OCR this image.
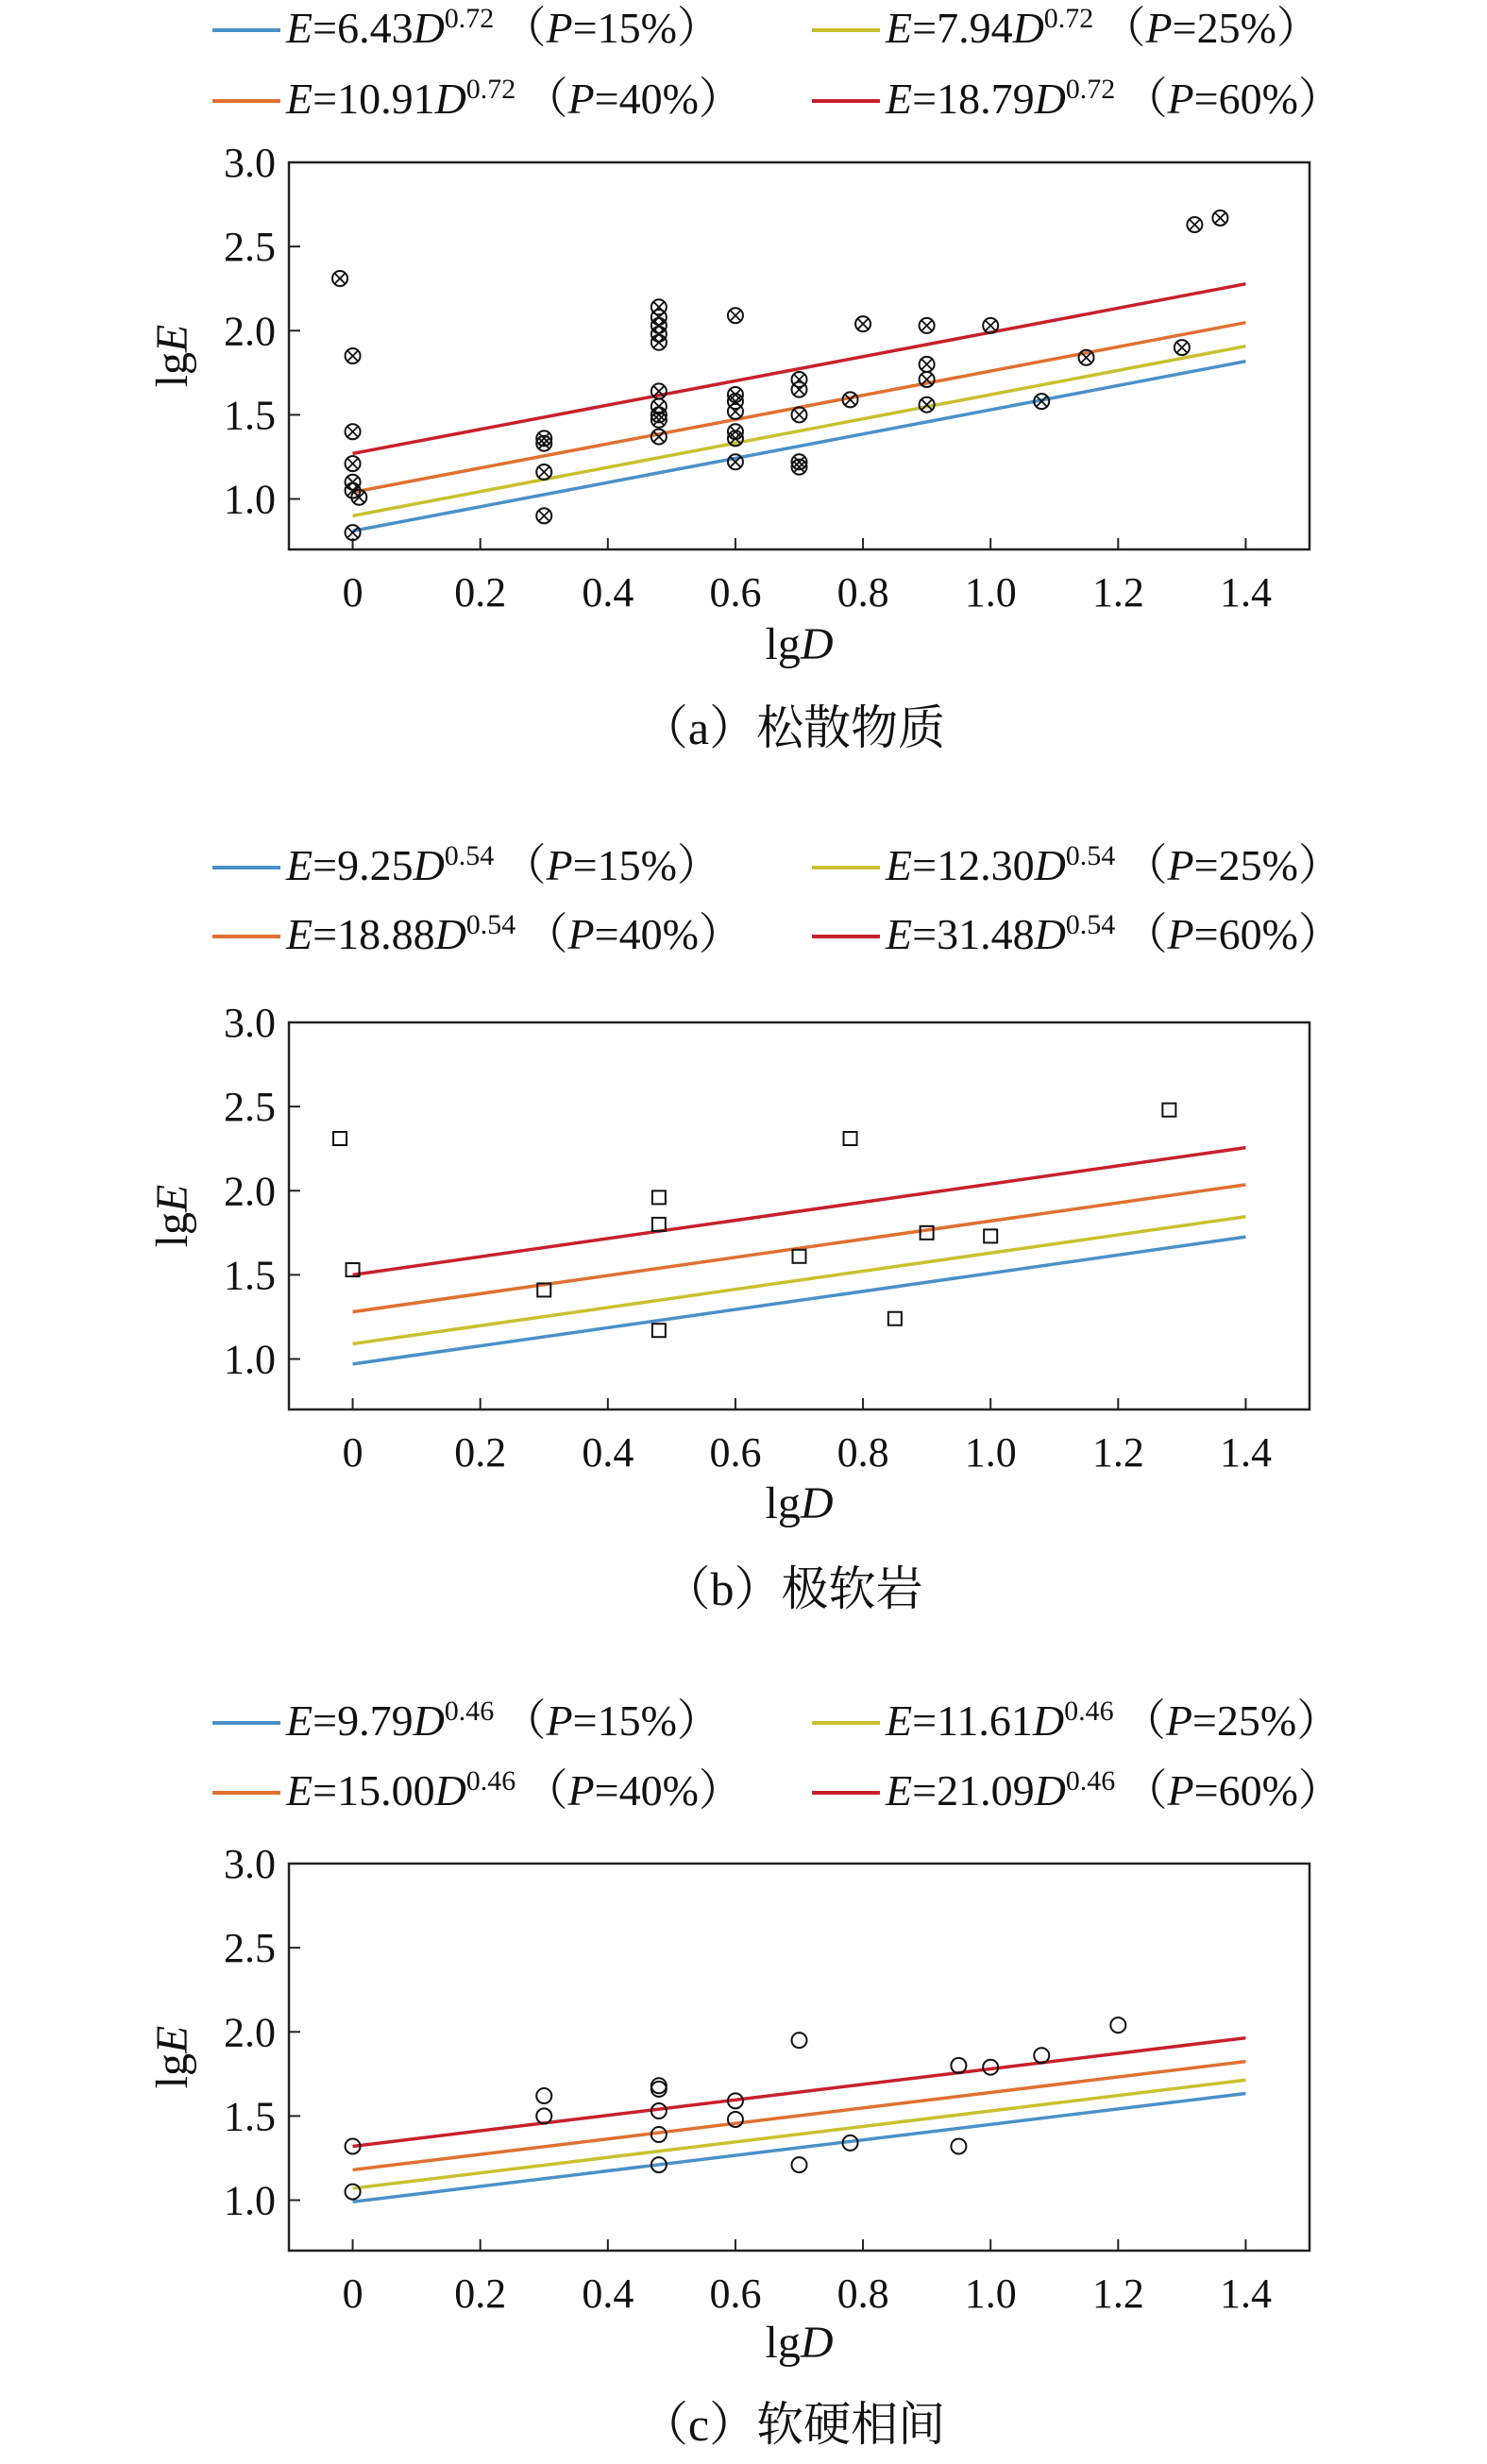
$E=6.43D^{0.72}$  （P=15%）	$E=7.94D^{0.72}$  （P=25%）
$E=10.91D^{0.72}$  （P=40%）	$E=18.79D^{0.72}$  （P=60%）
0 0.2 0.4 0.6 0.8 1.0 1.2 1.4
1.0
1.5
2.0
2.5
3.0
lgD
lgE
（a）松散物质
$E=9.25D^{0.54}$  （P=15%）	$E=12.30D^{0.54}$  （P=25%）
$E=18.88D^{0.54}$  （P=40%）	$E=31.48D^{0.54}$  （P=60%）
0 0.2 0.4 0.6 0.8 1.0 1.2 1.4
1.0
1.5
2.0
2.5
3.0
lgD
lgE
（b）极软岩
$E=9.79D^{0.46}$  （P=15%）	$E=11.61D^{0.46}$  （P=25%）
$E=15.00D^{0.46}$  （P=40%）	$E=21.09D^{0.46}$  （P=60%）
0 0.2 0.4 0.6 0.8 1.0 1.2 1.4
1.0
1.5
2.0
2.5
3.0
lgD
lgE
（c）软硬相间
